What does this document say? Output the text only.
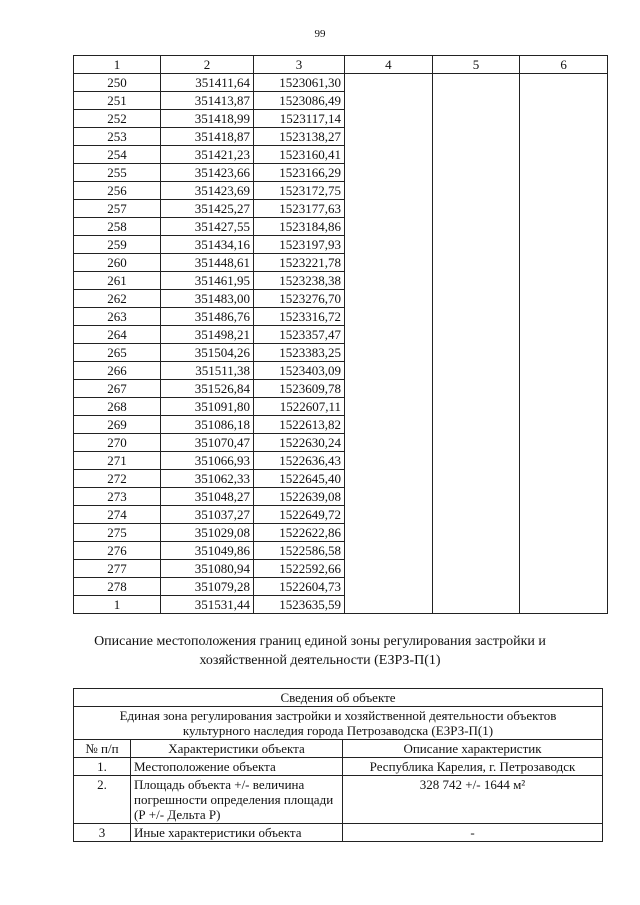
99
1	2	3	4	5	6
250	351411,64	1523061,30			
251	351413,87	1523086,49			
252	351418,99	1523117,14			
253	351418,87	1523138,27			
254	351421,23	1523160,41			
255	351423,66	1523166,29			
256	351423,69	1523172,75			
257	351425,27	1523177,63			
258	351427,55	1523184,86			
259	351434,16	1523197,93			
260	351448,61	1523221,78			
261	351461,95	1523238,38			
262	351483,00	1523276,70			
263	351486,76	1523316,72			
264	351498,21	1523357,47			
265	351504,26	1523383,25			
266	351511,38	1523403,09			
267	351526,84	1523609,78			
268	351091,80	1522607,11			
269	351086,18	1522613,82			
270	351070,47	1522630,24			
271	351066,93	1522636,43			
272	351062,33	1522645,40			
273	351048,27	1522639,08			
274	351037,27	1522649,72			
275	351029,08	1522622,86			
276	351049,86	1522586,58			
277	351080,94	1522592,66			
278	351079,28	1522604,73			
1	351531,44	1523635,59			
Описание местоположения границ единой зоны регулирования застройки и хозяйственной деятельности (ЕЗРЗ-П(1)
Сведения об объекте		
Единая зона регулирования застройки и хозяйственной деятельности объектов культурного наследия города Петрозаводска (ЕЗРЗ-П(1)		
№ п/п	Характеристики объекта	Описание характеристик
1.	Местоположение объекта	Республика Карелия, г. Петрозаводск
2.	Площадь объекта +/- величина погрешности определения площади (Р +/- Дельта Р)	328 742 +/- 1644 м²
3	Иные характеристики объекта	-
